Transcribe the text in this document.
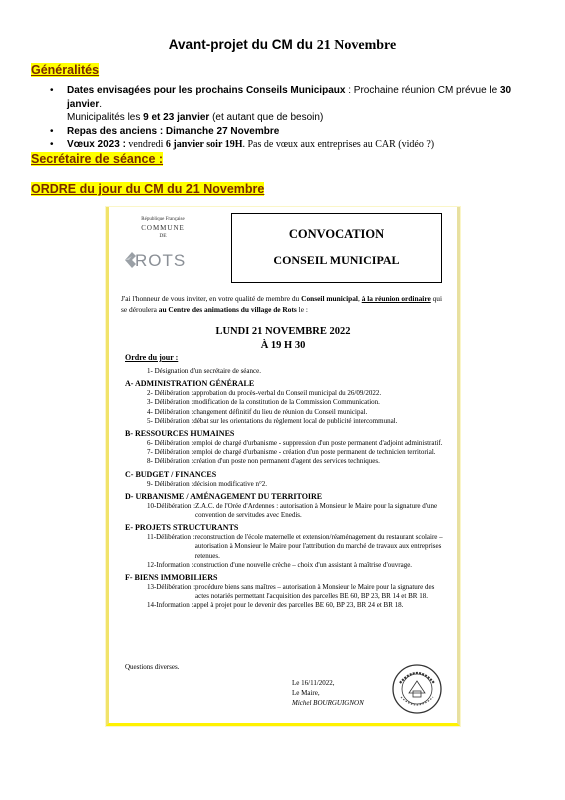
Avant-projet du CM du 21 Novembre
Généralités
• Dates envisagées pour les prochains Conseils Municipaux : Prochaine réunion CM prévue le 30 janvier.
Municipalités les 9 et 23 janvier (et autant que de besoin)
• Repas des anciens : Dimanche 27 Novembre
• Vœux 2023 : vendredi 6 janvier soir 19H. Pas de vœux aux entreprises au CAR (vidéo ?)
Secrétaire de séance :
ORDRE du jour du CM du 21 Novembre
République Française
COMMUNE
DE
ROTS
CONVOCATION
CONSEIL MUNICIPAL
J'ai l'honneur de vous inviter, en votre qualité de membre du Conseil municipal, à la réunion ordinaire qui se déroulera au Centre des animations du village de Rots le :
LUNDI 21 NOVEMBRE 2022
À 19 H 30
Ordre du jour :
1- Désignation d'un secrétaire de séance.
A- ADMINISTRATION GÉNÉRALE
2- Délibération : approbation du procès-verbal du Conseil municipal du 26/09/2022.
3- Délibération : modification de la constitution de la Commission Communication.
4- Délibération : changement définitif du lieu de réunion du Conseil municipal.
5- Délibération : débat sur les orientations du règlement local de publicité intercommunal.
B- RESSOURCES HUMAINES
6- Délibération : emploi de chargé d'urbanisme - suppression d'un poste permanent d'adjoint administratif.
7- Délibération : emploi de chargé d'urbanisme - création d'un poste permanent de technicien territorial.
8- Délibération : création d'un poste non permanent d'agent des services techniques.
C- BUDGET / FINANCES
9- Délibération : décision modificative n°2.
D- URBANISME / AMÉNAGEMENT DU TERRITOIRE
10-Délibération : Z.A.C. de l'Orée d'Ardennes : autorisation à Monsieur le Maire pour la signature d'une convention de servitudes avec Enedis.
E- PROJETS STRUCTURANTS
11-Délibération : reconstruction de l'école maternelle et extension/réaménagement du restaurant scolaire – autorisation à Monsieur le Maire pour l'attribution du marché de travaux aux entreprises retenues.
12-Information : construction d'une nouvelle crèche – choix d'un assistant à maîtrise d'ouvrage.
F- BIENS IMMOBILIERS
13-Délibération : procédure biens sans maîtres – autorisation à Monsieur le Maire pour la signature des actes notariés permettant l'acquisition des parcelles BE 60, BP 23, BR 14 et BR 18.
14-Information : appel à projet pour le devenir des parcelles BE 60, BP 23, BR 24 et BR 18.
Questions diverses.
Le 16/11/2022,
Le Maire,
Michel BOURGUIGNON
